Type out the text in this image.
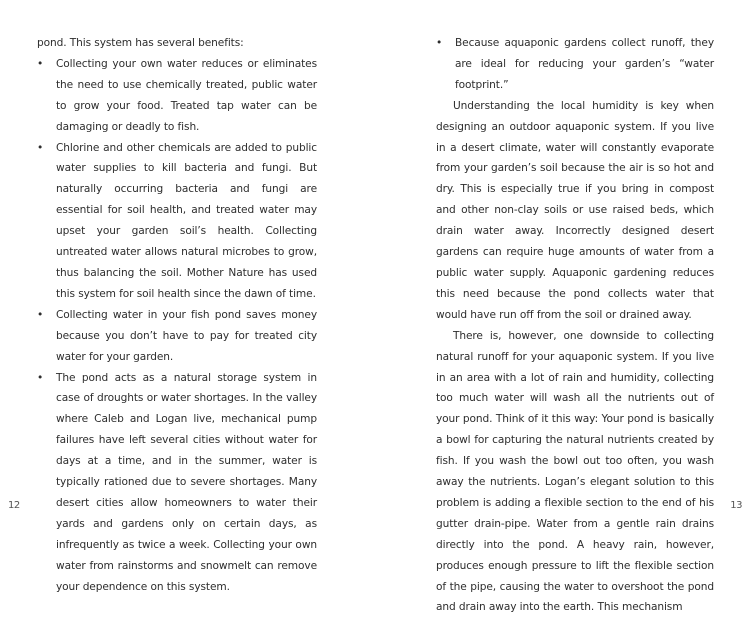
pond. This system has several benefits:

• Collecting your own water reduces or eliminates the need to use chemically treated, public water to grow your food. Treated tap water can be damaging or deadly to fish.
• Chlorine and other chemicals are added to public water supplies to kill bacteria and fungi. But naturally occurring bacteria and fungi are essential for soil health, and treated water may upset your garden soil’s health. Collecting untreated water allows natural microbes to grow, thus balancing the soil. Mother Nature has used this system for soil health since the dawn of time.
• Collecting water in your fish pond saves money because you don’t have to pay for treated city water for your garden.
• The pond acts as a natural storage system in case of droughts or water shortages. In the valley where Caleb and Logan live, mechanical pump failures have left several cities without water for days at a time, and in the summer, water is typically rationed due to severe shortages. Many desert cities allow homeowners to water their yards and gardens only on certain days, as infrequently as twice a week. Collecting your own water from rainstorms and snowmelt can remove your dependence on this system.
12
• Because aquaponic gardens collect runoff, they are ideal for reducing your garden’s “water footprint.”

Understanding the local humidity is key when designing an outdoor aquaponic system. If you live in a desert climate, water will constantly evaporate from your garden’s soil because the air is so hot and dry. This is especially true if you bring in compost and other non-clay soils or use raised beds, which drain water away. Incorrectly designed desert gardens can require huge amounts of water from a public water supply. Aquaponic gardening reduces this need because the pond collects water that would have run off from the soil or drained away.

There is, however, one downside to collecting natural runoff for your aquaponic system. If you live in an area with a lot of rain and humidity, collecting too much water will wash all the nutrients out of your pond. Think of it this way: Your pond is basically a bowl for capturing the natural nutrients created by fish. If you wash the bowl out too often, you wash away the nutrients. Logan’s elegant solution to this problem is adding a flexible section to the end of his gutter drain-pipe. Water from a gentle rain drains directly into the pond. A heavy rain, however, produces enough pressure to lift the flexible section of the pipe, causing the water to overshoot the pond and drain away into the earth. This mechanism

13
